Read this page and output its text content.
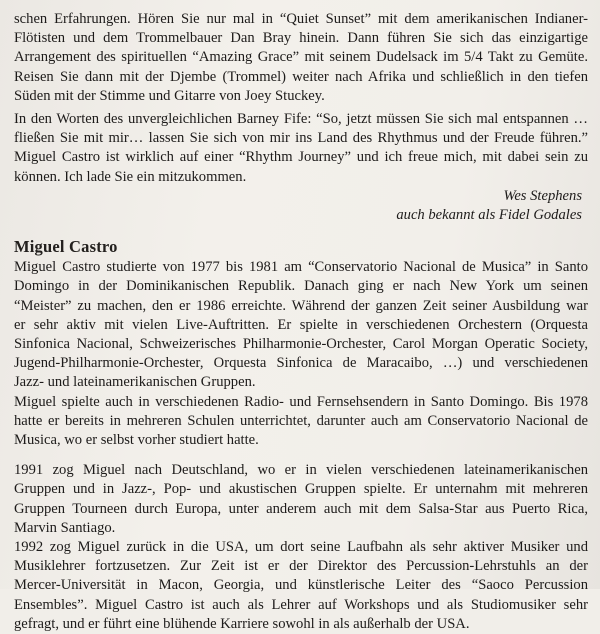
schen Erfahrungen. Hören Sie nur mal in “Quiet Sunset” mit dem amerikanischen Indianer-
Flötisten und dem Trommelbauer Dan Bray hinein. Dann führen Sie sich das einzigartige
Arrangement des spirituellen “Amazing Grace” mit seinem Dudelsack im 5/4 Takt zu Gemüte.
Reisen Sie dann mit der Djembe (Trommel) weiter nach Afrika und schließlich in den tiefen
Süden mit der Stimme und Gitarre von Joey Stuckey.
In den Worten des unvergleichlichen Barney Fife: “So, jetzt müssen Sie sich mal entspannen …
fließen Sie mit mir… lassen Sie sich von mir ins Land des Rhythmus und der Freude führen.”
Miguel Castro ist wirklich auf einer “Rhythm Journey” und ich freue mich, mit dabei sein zu
können. Ich lade Sie ein mitzukommen.
Wes Stephens
auch bekannt als Fidel Godales
Miguel Castro
Miguel Castro studierte von 1977 bis 1981 am “Conservatorio Nacional de Musica” in Santo
Domingo in der Dominikanischen Republik. Danach ging er nach New York um seinen
“Meister” zu machen, den er 1986 erreichte. Während der ganzen Zeit seiner Ausbildung war
er sehr aktiv mit vielen Live-Auftritten. Er spielte in verschiedenen Orchestern (Orquesta
Sinfonica Nacional, Schweizerisches Philharmonie-Orchester, Carol Morgan Operatic Society,
Jugend-Philharmonie-Orchester, Orquesta Sinfonica de Maracaibo, …) und verschiedenen
Jazz- und lateinamerikanischen Gruppen.
Miguel spielte auch in verschiedenen Radio- und Fernsehsendern in Santo Domingo. Bis 1978
hatte er bereits in mehreren Schulen unterrichtet, darunter auch am Conservatorio Nacional de
Musica, wo er selbst vorher studiert hatte.
1991 zog Miguel nach Deutschland, wo er in vielen verschiedenen lateinamerikanischen
Gruppen und in Jazz-, Pop- und akustischen Gruppen spielte. Er unternahm mit mehreren
Gruppen Tourneen durch Europa, unter anderem auch mit dem Salsa-Star aus Puerto Rica,
Marvin Santiago.
1992 zog Miguel zurück in die USA, um dort seine Laufbahn als sehr aktiver Musiker und
Musiklehrer fortzusetzen. Zur Zeit ist er der Direktor des Percussion-Lehrstuhls an der
Mercer-Universität in Macon, Georgia, und künstlerische Leiter des “Saoco Percussion
Ensembles”. Miguel Castro ist auch als Lehrer auf Workshops und als Studiomusiker sehr
gefragt, und er führt eine blühende Karriere sowohl in als außerhalb der USA.
